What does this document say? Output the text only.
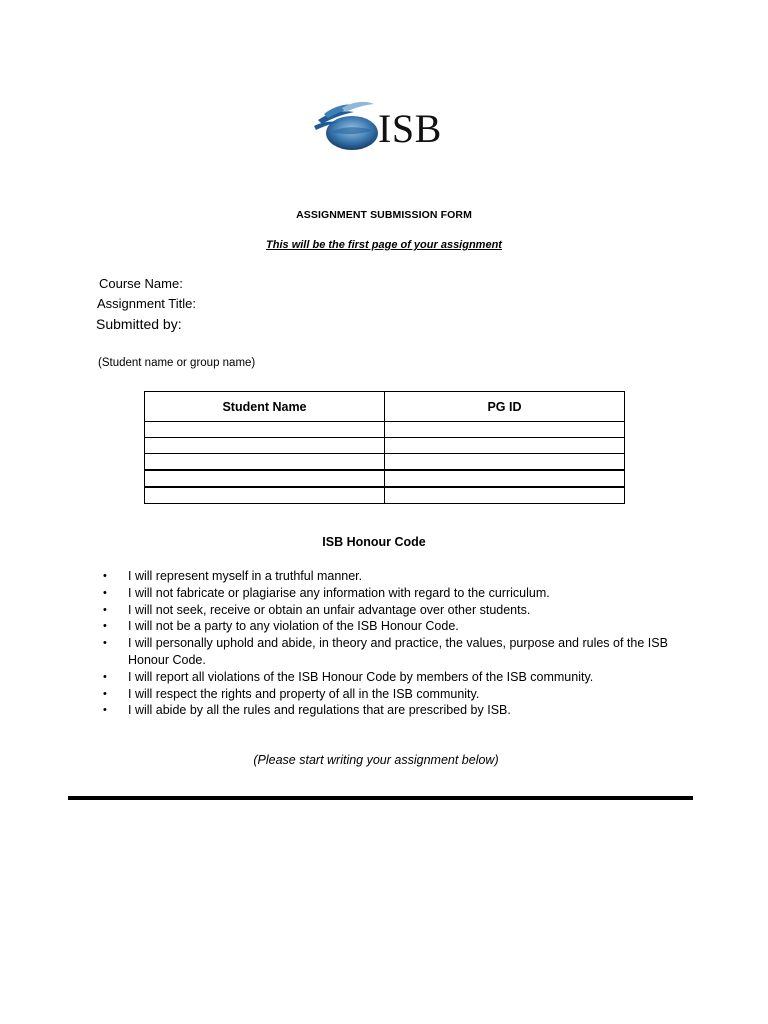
ISB
ASSIGNMENT SUBMISSION FORM
This will be the first page of your assignment
Course Name:
Assignment Title:
Submitted by:
(Student name or group name)
Student Name	PG ID

ISB Honour Code
• I will represent myself in a truthful manner.
• I will not fabricate or plagiarise any information with regard to the curriculum.
• I will not seek, receive or obtain an unfair advantage over other students.
• I will not be a party to any violation of the ISB Honour Code.
• I will personally uphold and abide, in theory and practice, the values, purpose and rules of the ISB Honour Code.
• I will report all violations of the ISB Honour Code by members of the ISB community.
• I will respect the rights and property of all in the ISB community.
• I will abide by all the rules and regulations that are prescribed by ISB.
(Please start writing your assignment below)
